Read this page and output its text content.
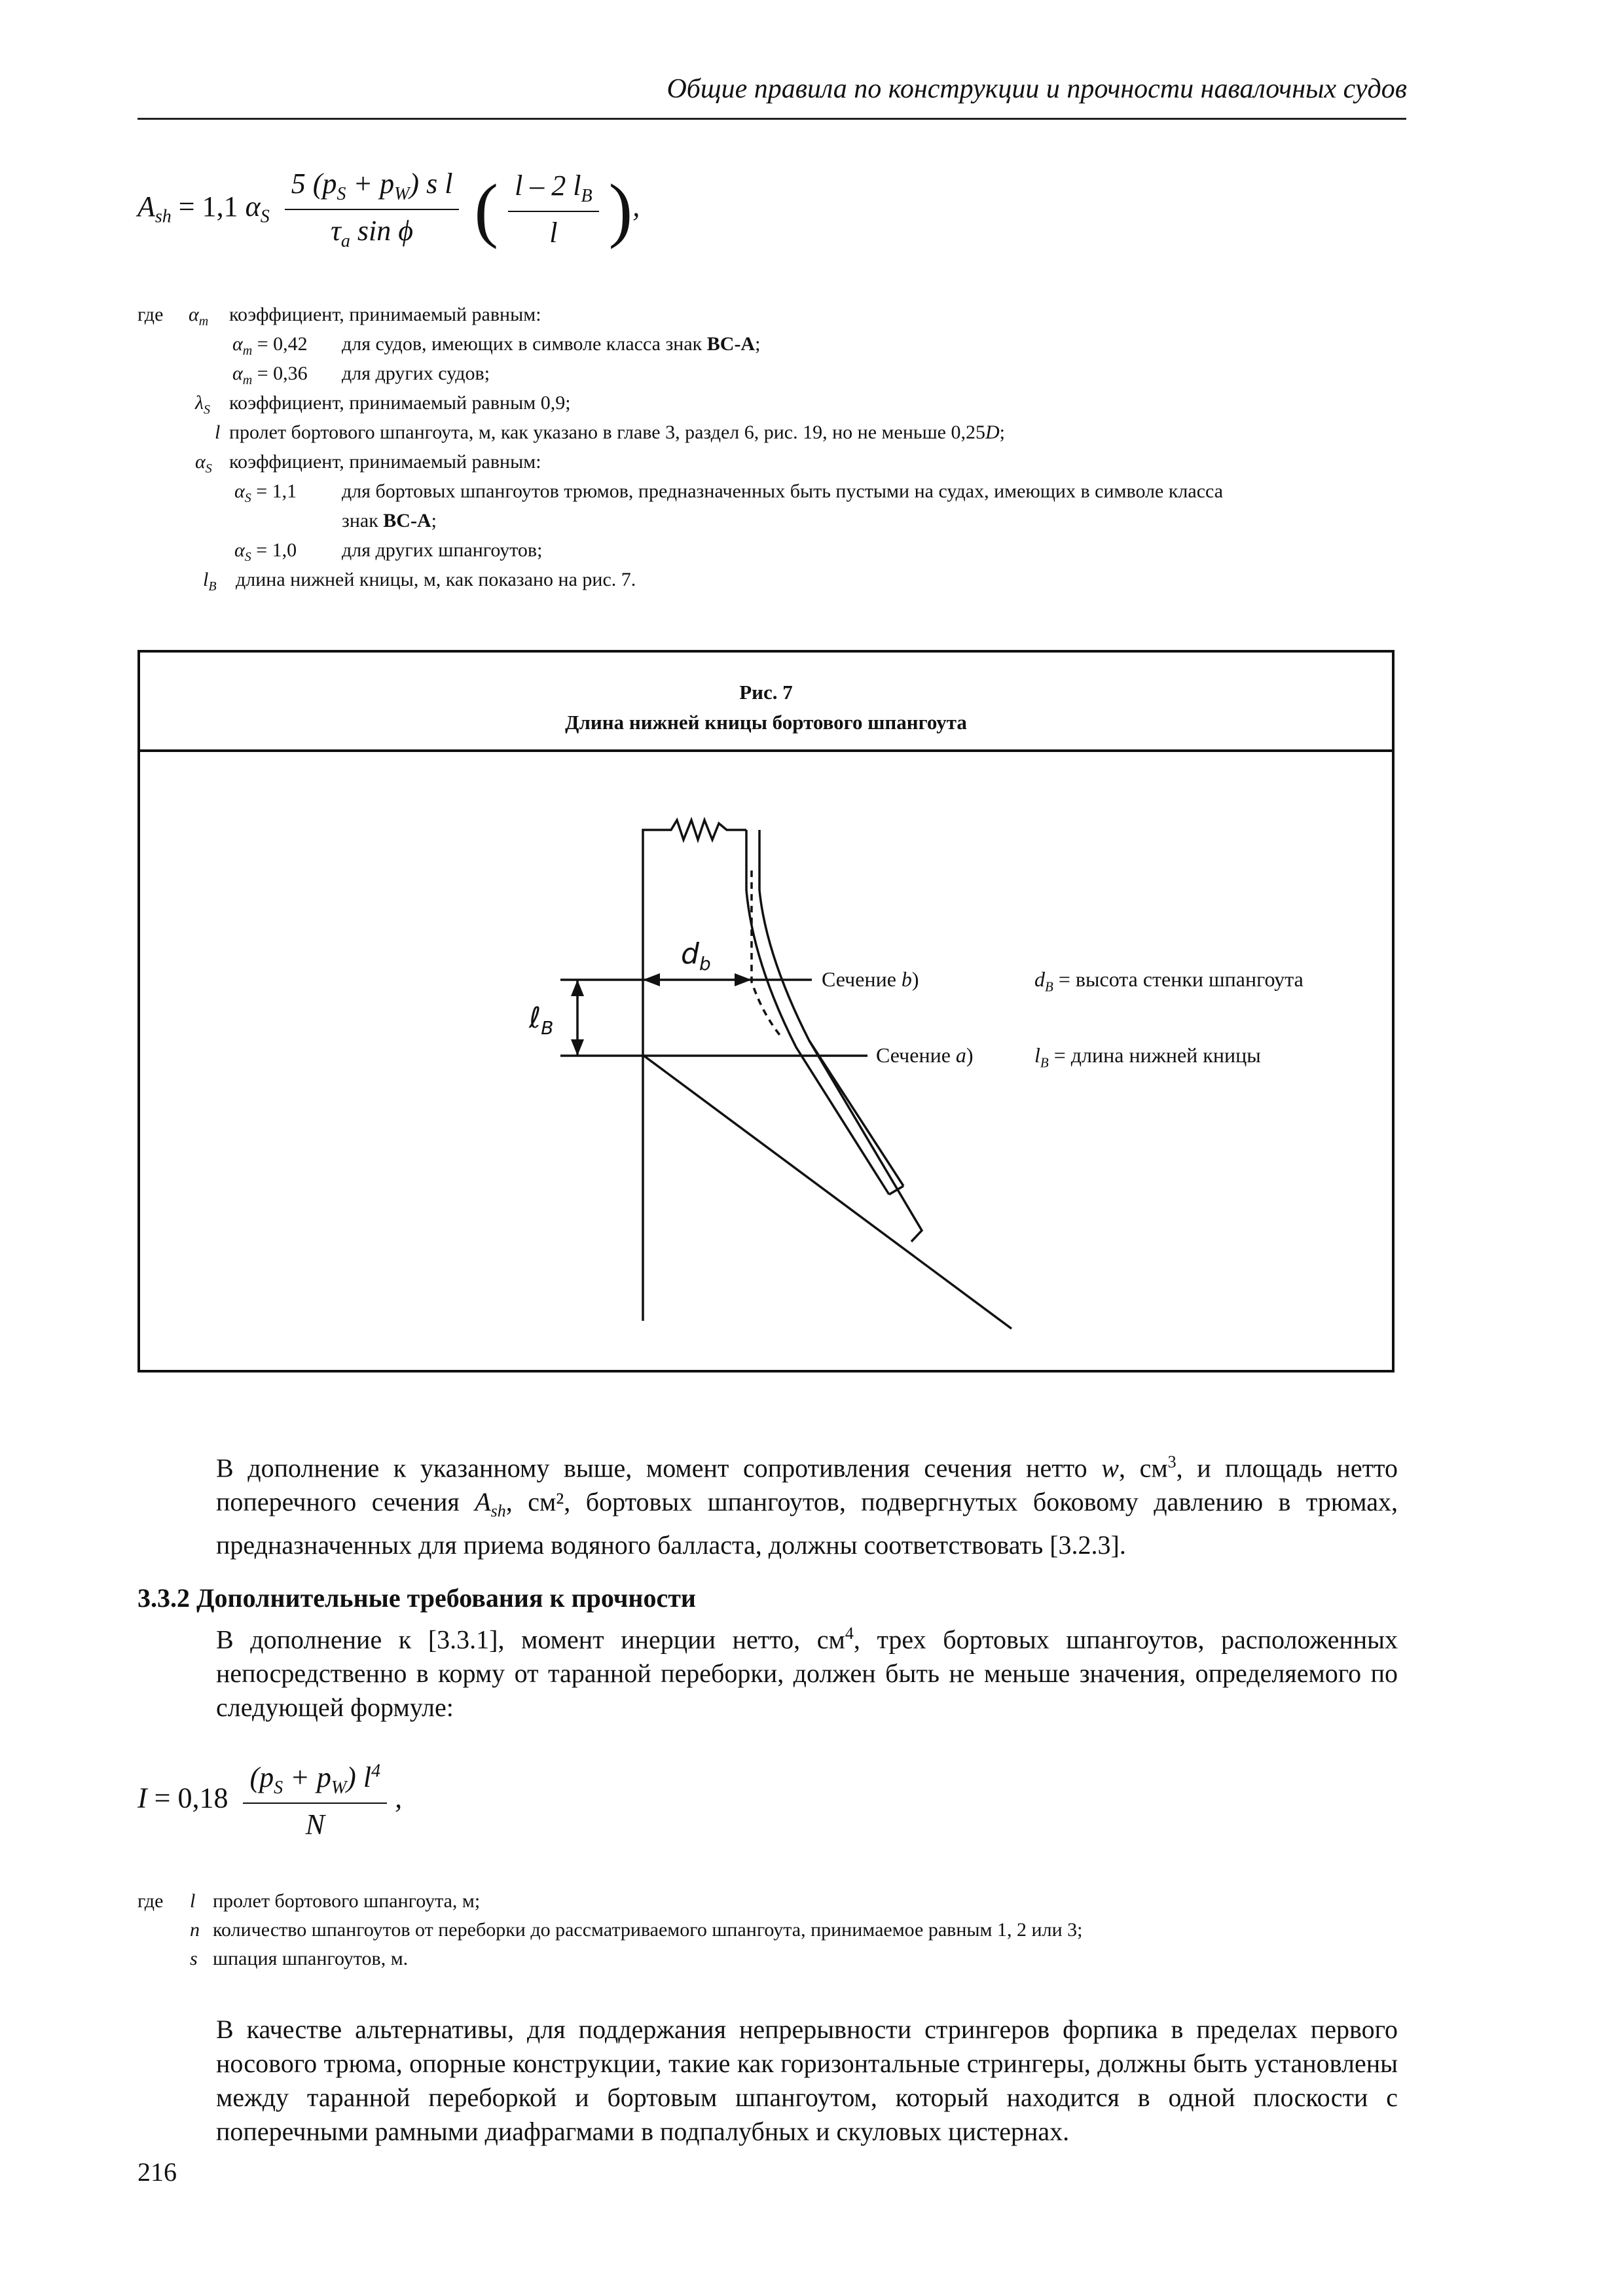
Общие правила по конструкции и прочности навалочных судов
$A_{sh} = 1,1$ $\alpha_S \frac{5 (p_S + p_W) s l}{\tau_a \sin \phi}$ ( $\frac{l - 2 l_B}{l}$ ),
где $\alpha_m$ коэффициент, принимаемый равным:
$\alpha_m = 0,42$ для судов, имеющих в символе класса знак BC-A;
$\alpha_m = 0,36$ для других судов;
$\lambda_S$ коэффициент, принимаемый равным 0,9;
l пролет бортового шпангоута, м, как указано в главе 3, раздел 6, рис. 19, но не меньше 0,25D;
$\alpha_S$ коэффициент, принимаемый равным:
$\alpha_S = 1,1$ для бортовых шпангоутов трюмов, предназначенных быть пустыми на судах, имеющих в символе класса
знак BC-A;
$\alpha_S = 1,0$ для других шпангоутов;
$l_B$ длина нижней кницы, м, как показано на рис. 7.
Рис. 7
Длина нижней кницы бортового шпангоута
$d_b$
ℓ$_B$
Сечение b)
Сечение a)
$d_B$ = высота стенки шпангоута
$l_B$ = длина нижней кницы
В дополнение к указанному выше, момент сопротивления сечения нетто w, $см^3$, и площадь нетто поперечного сечения $A_{sh}$, см², бортовых шпангоутов, подвергнутых боковому давлению в трюмах, предназначенных для приема водяного балласта, должны соответствовать [3.2.3].
3.3.2 Дополнительные требования к прочности
В дополнение к [3.3.1], момент инерции нетто, $см^4$, трех бортовых шпангоутов, расположенных непосредственно в корму от таранной переборки, должен быть не меньше значения, определяемого по следующей формуле:
$I = 0,18 \frac{(p_S + p_W) l^4}{N}$ ,
где l пролет бортового шпангоута, м;
n количество шпангоутов от переборки до рассматриваемого шпангоута, принимаемое равным 1, 2 или 3;
s шпация шпангоутов, м.
В качестве альтернативы, для поддержания непрерывности стрингеров форпика в пределах первого носового трюма, опорные конструкции, такие как горизонтальные стрингеры, должны быть установлены между таранной переборкой и бортовым шпангоутом, который находится в одной плоскости с поперечными рамными диафрагмами в подпалубных и скуловых цистернах.
216
